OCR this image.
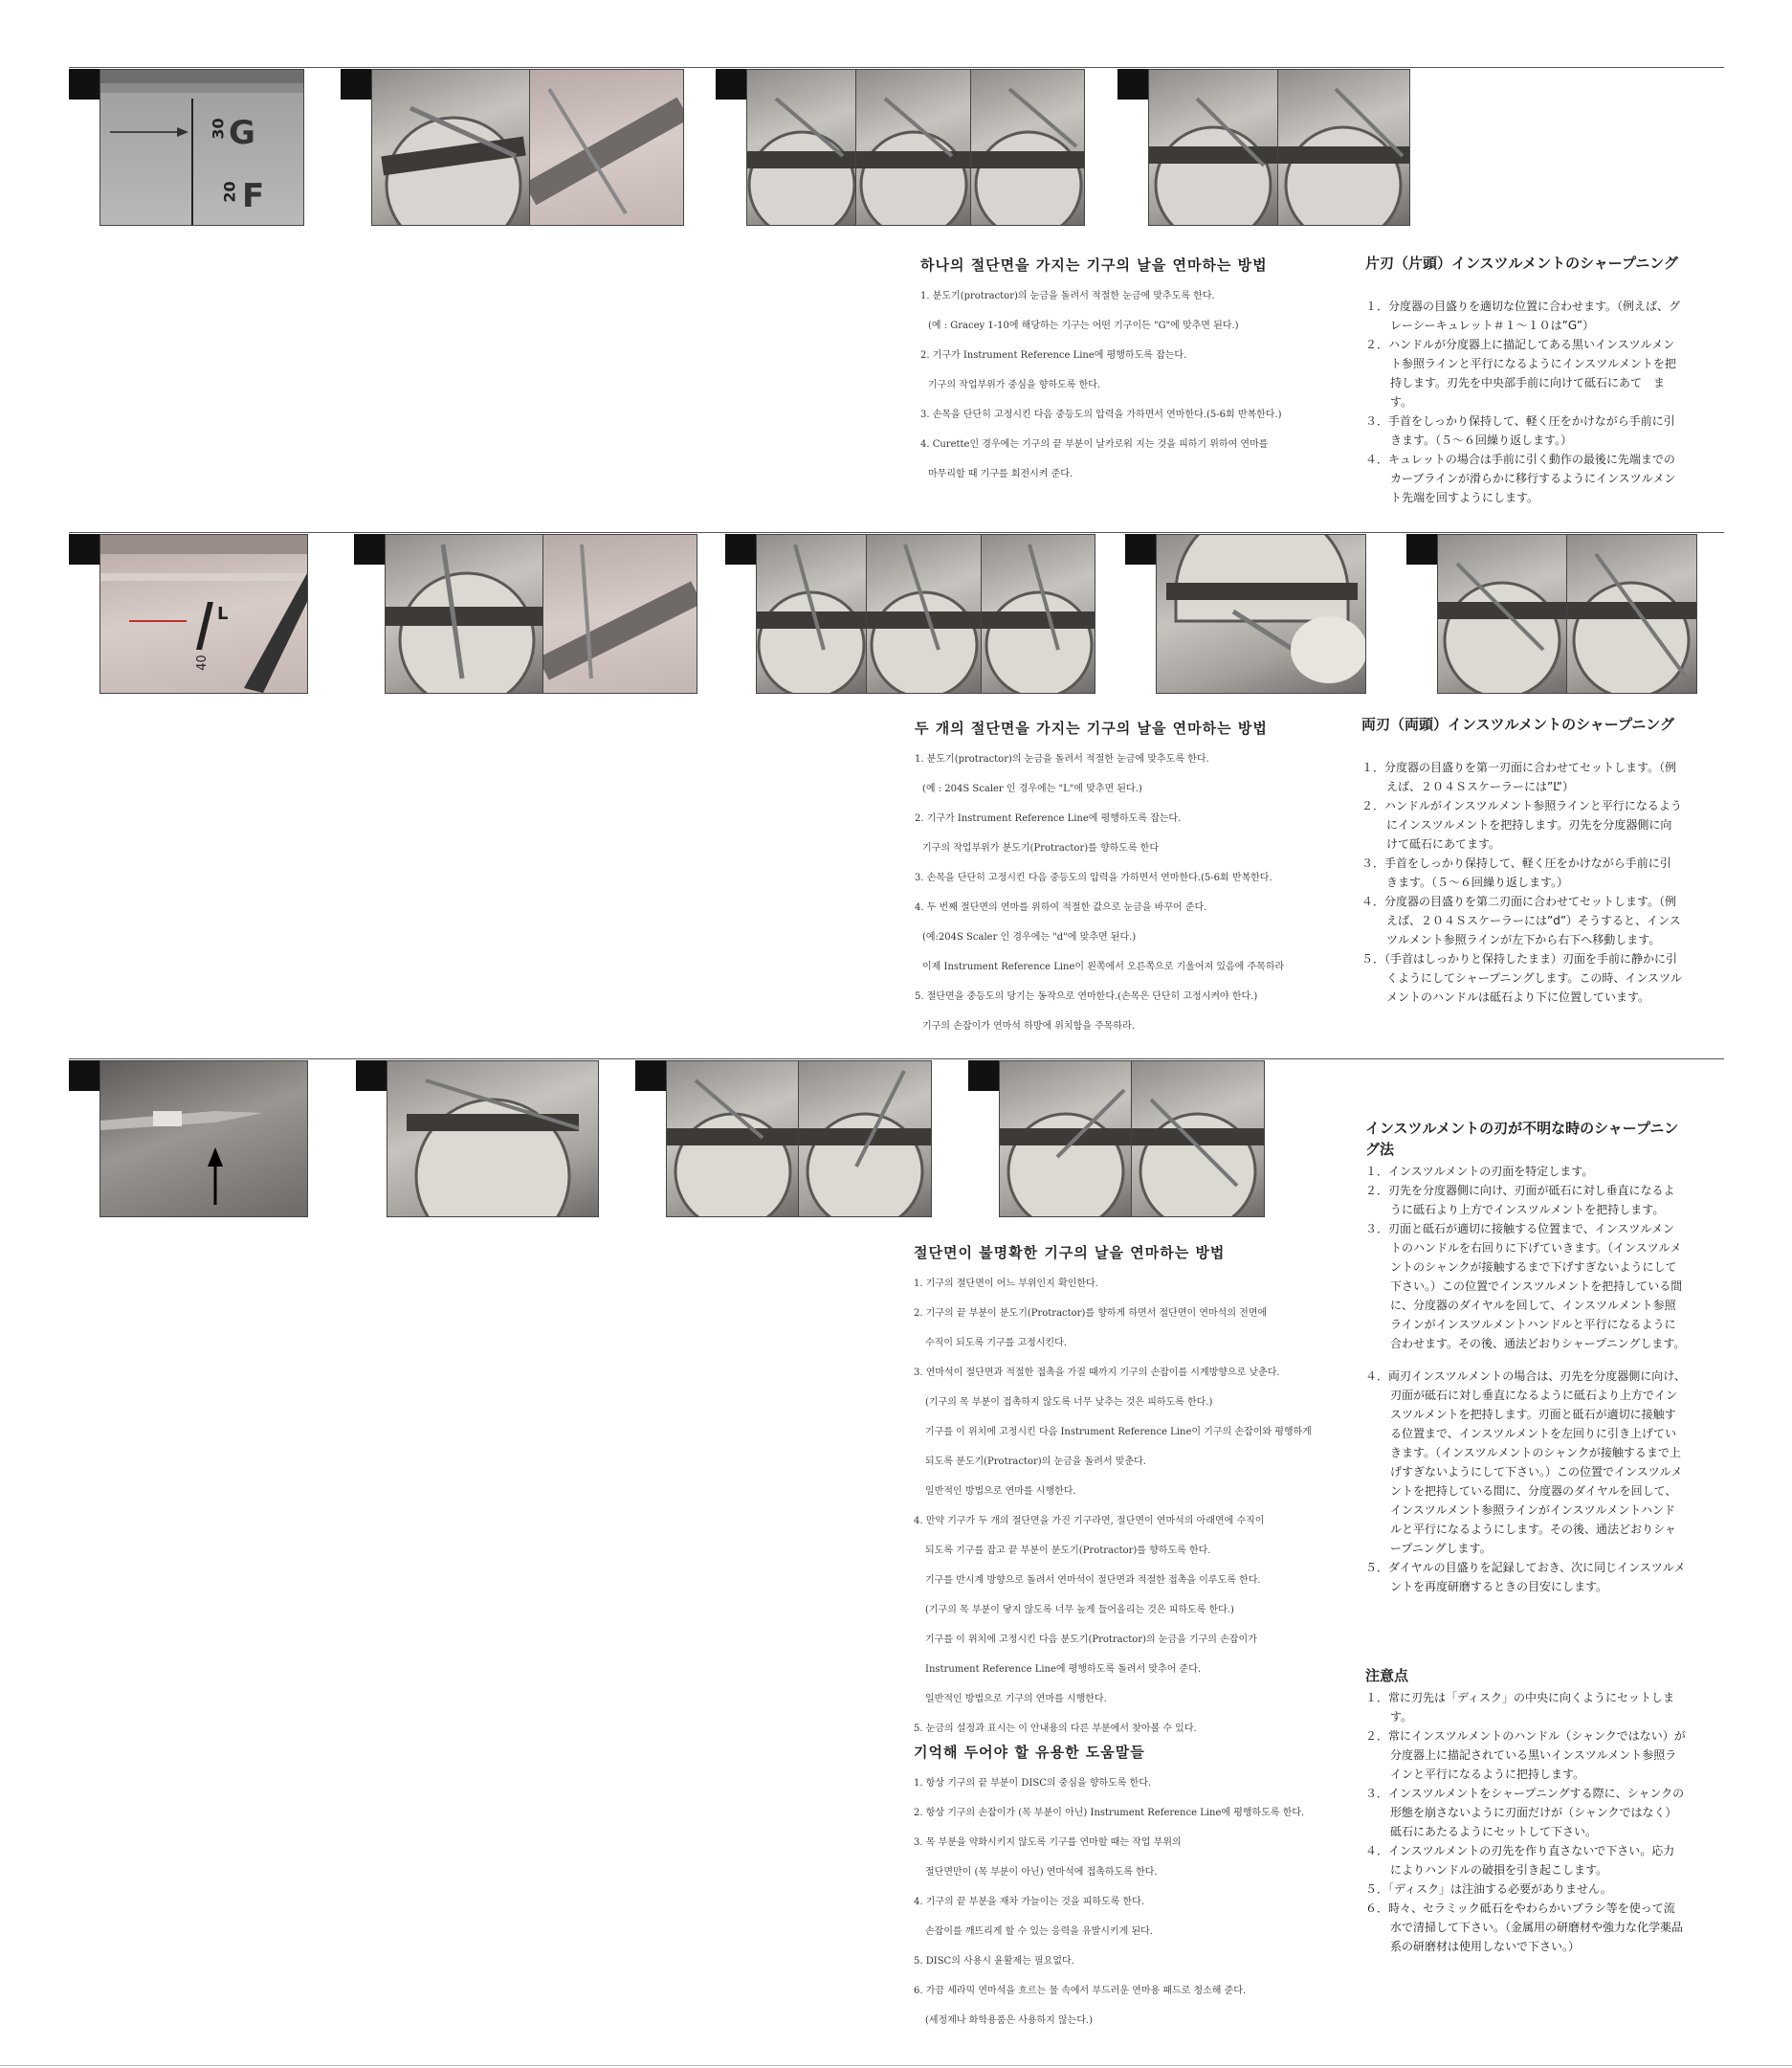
30 G
20 F
하나의 절단면을 가지는 기구의 날을 연마하는 방법
1. 분도기(protractor)의 눈금을 돌려서 적절한 눈금에 맞추도록 한다.
(예 : Gracey 1-10에 해당하는 기구는 어떤 기구이든 "G"에 맞추면 된다.)
2. 기구가 Instrument Reference Line에 평행하도록 잡는다.
기구의 작업부위가 중심을 향하도록 한다.
3. 손목을 단단히 고정시킨 다음 중등도의 압력을 가하면서 연마한다.(5-6회 반복한다.)
4. Curette인 경우에는 기구의 끝 부분이 날카로워 지는 것을 피하기 위하여 연마를
마무리할 때 기구를 회전시켜 준다.
片刃（片頭）インスツルメントのシャープニング
１．分度器の目盛りを適切な位置に合わせます。（例えば、グレーシーキュレット＃１～１０は”G”）
２．ハンドルが分度器上に描記してある黒いインスツルメント参照ラインと平行になるようにインスツルメントを把持します。刃先を中央部手前に向けて砥石にあて　ます。
３．手首をしっかり保持して、軽く圧をかけながら手前に引きます。（５～６回繰り返します。）
４．キュレットの場合は手前に引く動作の最後に先端までのカーブラインが滑らかに移行するようにインスツルメント先端を回すようにします。
L
40
두 개의 절단면을 가지는 기구의 날을 연마하는 방법
1. 분도기(protractor)의 눈금을 돌려서 적절한 눈금에 맞추도록 한다.
(예 : 204S Scaler 인 경우에는 "L"에 맞추면 된다.)
2. 기구가 Instrument Reference Line에 평행하도록 잡는다.
기구의 작업부위가 분도기(Protractor)를 향하도록 한다
3. 손목을 단단히 고정시킨 다음 중등도의 압력을 가하면서 연마한다.(5-6회 반복한다.
4. 두 번째 절단면의 연마를 위하여 적절한 값으로 눈금을 바꾸어 준다.
(예:204S Scaler 인 경우에는 "d"에 맞추면 된다.)
이제 Instrument Reference Line이 왼쪽에서 오른쪽으로 기울어져 있음에 주목하라
5. 절단면을 중등도의 당기는 동작으로 연마한다.(손목은 단단히 고정시켜야 한다.)
기구의 손잡이가 연마석 하방에 위치함을 주목하라.
両刃（両頭）インスツルメントのシャープニング
１．分度器の目盛りを第一刃面に合わせてセットします。（例えば、２０４Ｓスケーラーには”L”）
２．ハンドルがインスツルメント参照ラインと平行になるようにインスツルメントを把持します。刃先を分度器側に向けて砥石にあてます。
３．手首をしっかり保持して、軽く圧をかけながら手前に引きます。（５～６回繰り返します。）
４．分度器の目盛りを第二刃面に合わせてセットします。（例えば、２０４Ｓスケーラーには”d”）そうすると、インスツルメント参照ラインが左下から右下へ移動します。
５．（手首はしっかりと保持したまま）刃面を手前に静かに引くようにしてシャープニングします。この時、インスツルメントのハンドルは砥石より下に位置しています。
절단면이 불명확한 기구의 날을 연마하는 방법
1. 기구의 절단면이 어느 부위인지 확인한다.
2. 기구의 끝 부분이 분도기(Protractor)를 향하게 하면서 절단면이 연마석의 전면에
수직이 되도록 기구를 고정시킨다.
3. 연마석이 절단면과 적절한 접촉을 가질 때까지 기구의 손잡이를 시계방향으로 낮춘다.
(기구의 목 부분이 접촉하지 않도록 너무 낮추는 것은 피하도록 한다.)
기구를 이 위치에 고정시킨 다음 Instrument Reference Line이 기구의 손잡이와 평행하게
되도록 분도기(Protractor)의 눈금을 돌려서 맞춘다.
일반적인 방법으로 연마를 시행한다.
4. 만약 기구가 두 개의 절단면을 가진 기구라면, 절단면이 연마석의 아래면에 수직이
되도록 기구를 잡고 끝 부분이 분도기(Protractor)를 향하도록 한다.
기구를 반시계 방향으로 돌려서 연마석이 절단면과 적절한 접촉을 이루도록 한다.
(기구의 목 부분이 닿지 않도록 너무 높게 들어올리는 것은 피하도록 한다.)
기구를 이 위치에 고정시킨 다음 분도기(Protractor)의 눈금을 기구의 손잡이가
Instrument Reference Line에 평행하도록 돌려서 맞추어 준다.
일반적인 방법으로 기구의 연마를 시행한다.
5. 눈금의 설정과 표시는 이 안내용의 다른 부분에서 찾아볼 수 있다.
기억해 두어야 할 유용한 도움말들
1. 항상 기구의 끝 부분이 DISC의 중심을 향하도록 한다.
2. 항상 기구의 손잡이가 (목 부분이 아닌) Instrument Reference Line에 평행하도록 한다.
3. 목 부분을 약화시키지 않도록 기구를 연마할 때는 작업 부위의
절단면만이 (목 부분이 아닌) 연마석에 접촉하도록 한다.
4. 기구의 끝 부분을 재차 가늘이는 것을 피하도록 한다.
손잡이를 깨뜨리게 할 수 있는 응력을 유발시키게 된다.
5. DISC의 사용시 윤활제는 필요없다.
6. 가끔 세라믹 연마석을 흐르는 물 속에서 부드러운 연마용 패드로 청소해 준다.
(세정제나 화학용품은 사용하지 않는다.)
インスツルメントの刃が不明な時のシャープニング法
１．インスツルメントの刃面を特定します。
２．刃先を分度器側に向け、刃面が砥石に対し垂直になるように砥石より上方でインスツルメントを把持します。
３．刃面と砥石が適切に接触する位置まで、インスツルメントのハンドルを右回りに下げていきます。（インスツルメントのシャンクが接触するまで下げすぎないようにして下さい。）この位置でインスツルメントを把持している間に、分度器のダイヤルを回して、インスツルメント参照ラインがインスツルメントハンドルと平行になるように合わせます。その後、通法どおりシャープニングします。
４．両刃インスツルメントの場合は、刃先を分度器側に向け、刃面が砥石に対し垂直になるように砥石より上方でインスツルメントを把持します。刃面と砥石が適切に接触する位置まで、インスツルメントを左回りに引き上げていきます。（インスツルメントのシャンクが接触するまで上げすぎないようにして下さい。）この位置でインスツルメントを把持している間に、分度器のダイヤルを回して、インスツルメント参照ラインがインスツルメントハンドルと平行になるようにします。その後、通法どおりシャープニングします。
５．ダイヤルの目盛りを記録しておき、次に同じインスツルメントを再度研磨するときの目安にします。
注意点
１．常に刃先は「ディスク」の中央に向くようにセットします。
２．常にインスツルメントのハンドル（シャンクではない）が分度器上に描記されている黒いインスツルメント参照ラインと平行になるように把持します。
３．インスツルメントをシャープニングする際に、シャンクの形態を崩さないように刃面だけが（シャンクではなく）砥石にあたるようにセットして下さい。
４．インスツルメントの刃先を作り直さないで下さい。応力によりハンドルの破損を引き起こします。
５．「ディスク」は注油する必要がありません。
６．時々、セラミック砥石をやわらかいブラシ等を使って流水で清掃して下さい。（金属用の研磨材や強力な化学薬品系の研磨材は使用しないで下さい。）
